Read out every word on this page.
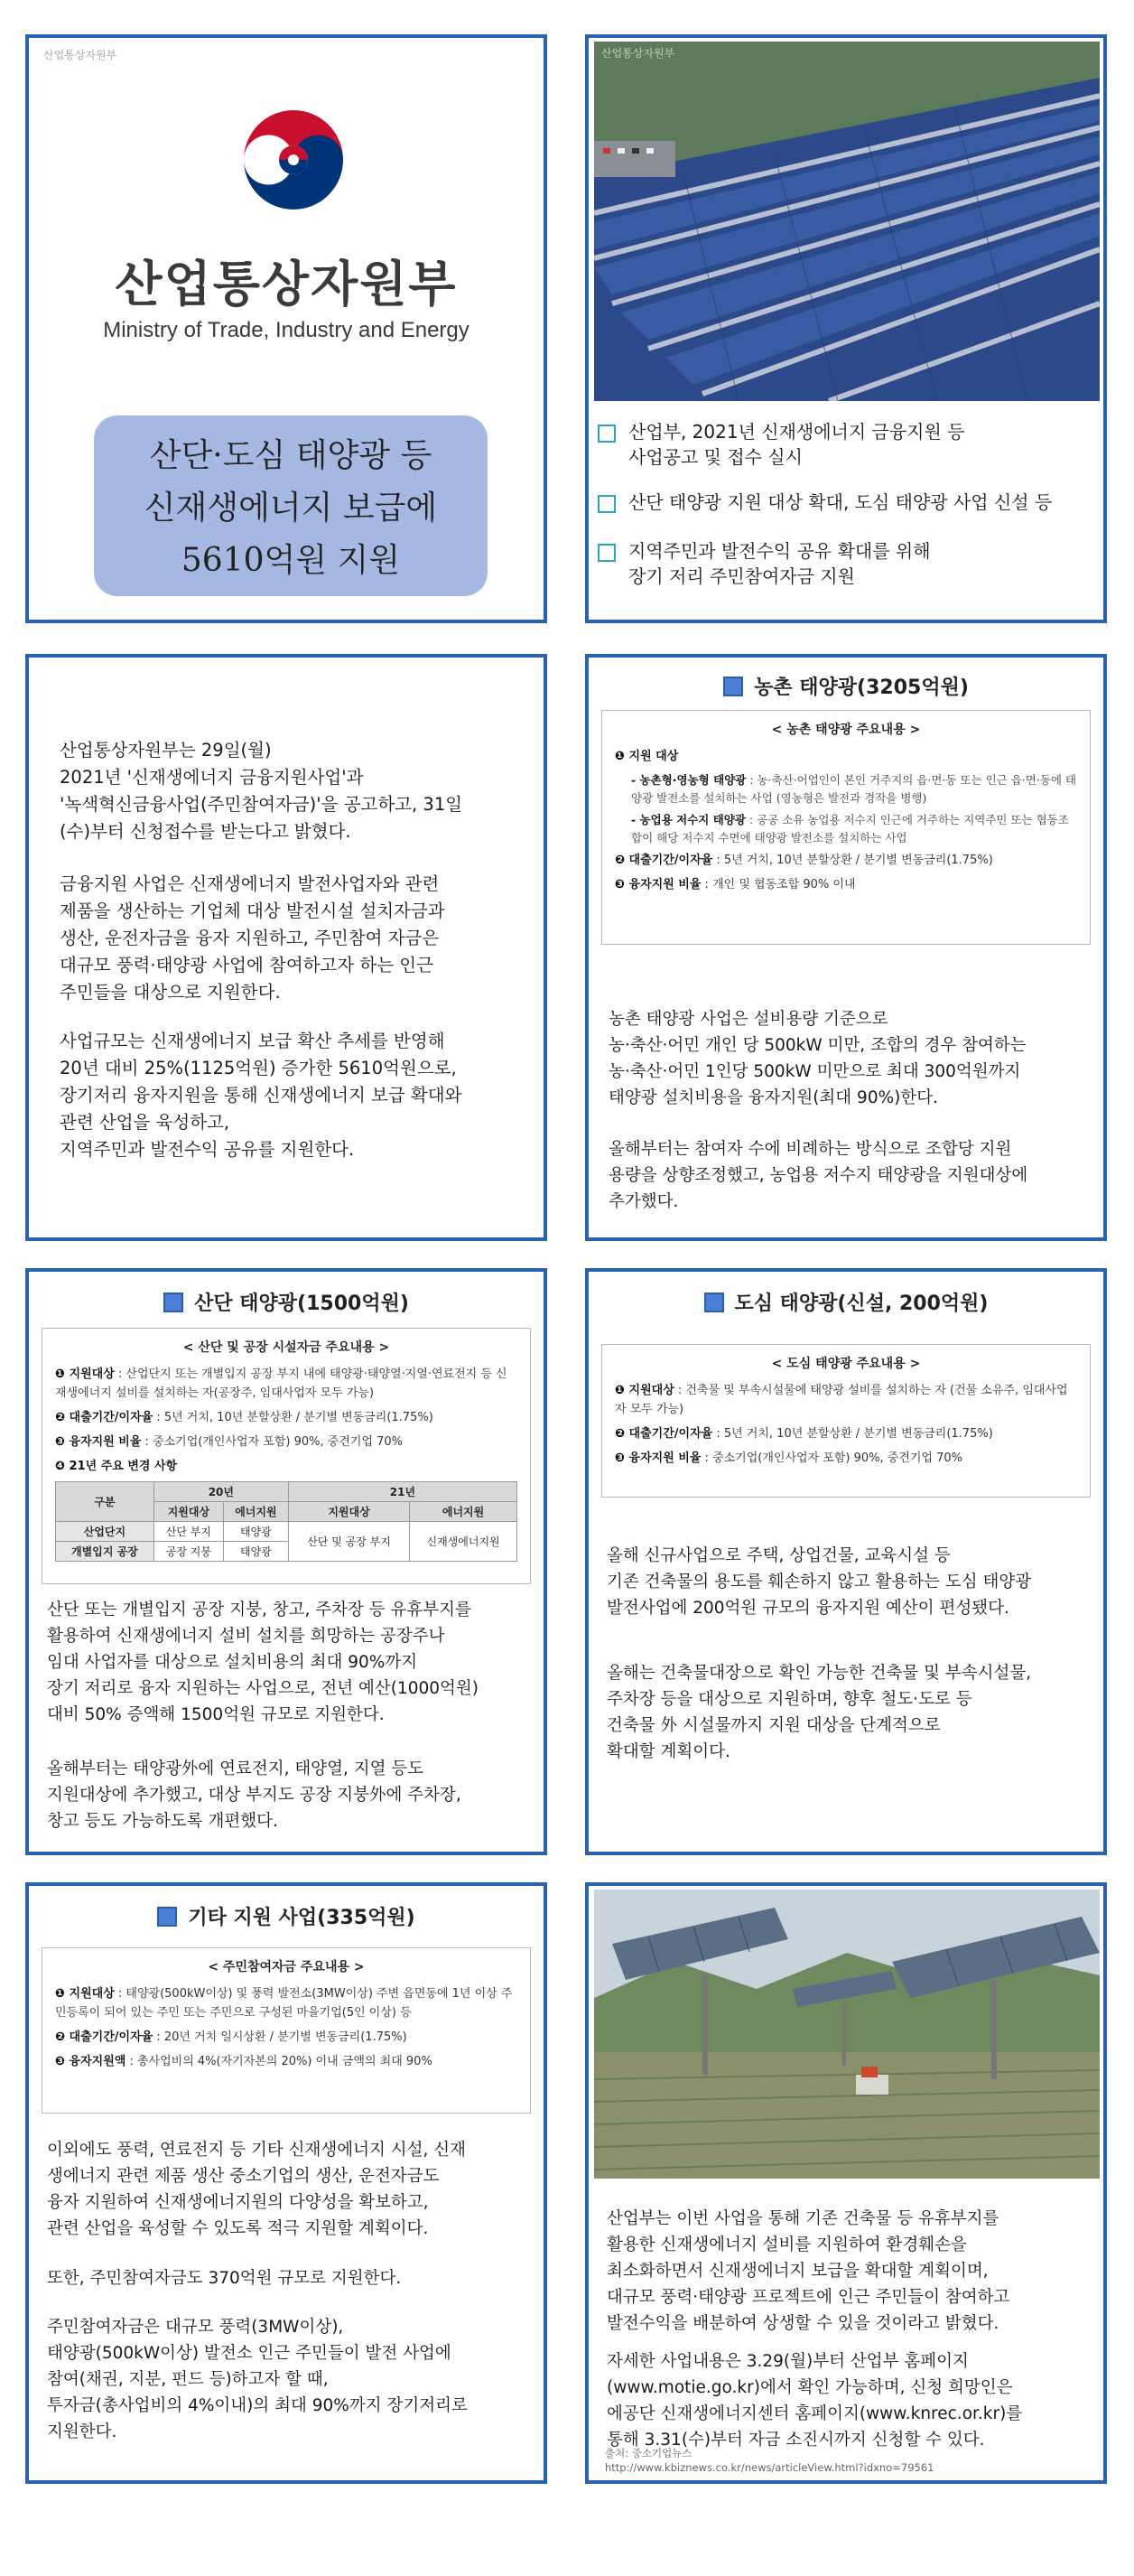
산업통상자원부
산업통상자원부
Ministry of Trade, Industry and Energy
산단·도심 태양광 등
신재생에너지 보급에
5610억원 지원
산업통상자원부
산업부, 2021년 신재생에너지 금융지원 등
사업공고 및 접수 실시
산단 태양광 지원 대상 확대, 도심 태양광 사업 신설 등
지역주민과 발전수익 공유 확대를 위해
장기 저리 주민참여자금 지원
산업통상자원부는 29일(월)
2021년 '신재생에너지 금융지원사업'과
'녹색혁신금융사업(주민참여자금)'을 공고하고, 31일
(수)부터 신청접수를 받는다고 밝혔다.
금융지원 사업은 신재생에너지 발전사업자와 관련
제품을 생산하는 기업체 대상 발전시설 설치자금과
생산, 운전자금을 융자 지원하고, 주민참여 자금은
대규모 풍력·태양광 사업에 참여하고자 하는 인근
주민들을 대상으로 지원한다.
사업규모는 신재생에너지 보급 확산 추세를 반영해
20년 대비 25%(1125억원) 증가한 5610억원으로,
장기저리 융자지원을 통해 신재생에너지 보급 확대와
관련 산업을 육성하고,
지역주민과 발전수익 공유를 지원한다.
농촌 태양광(3205억원)
< 농촌 태양광 주요내용 >
❶ 지원 대상
- 농촌형·영농형 태양광 : 농·축산·어업인이 본인 거주지의 읍·면·동 또는 인근 읍·면·동에 태양광 발전소를 설치하는 사업 (영농형은 발전과 경작을 병행)
- 농업용 저수지 태양광 : 공공 소유 농업용 저수지 인근에 거주하는 지역주민 또는 협동조합이 해당 저수지 수면에 태양광 발전소를 설치하는 사업
❷ 대출기간/이자율 : 5년 거치, 10년 분할상환 / 분기별 변동금리(1.75%)
❸ 융자지원 비율 : 개인 및 협동조합 90% 이내
농촌 태양광 사업은 설비용량 기준으로
농·축산·어민 개인 당 500kW 미만, 조합의 경우 참여하는
농·축산·어민 1인당 500kW 미만으로 최대 300억원까지
태양광 설치비용을 융자지원(최대 90%)한다.
올해부터는 참여자 수에 비례하는 방식으로 조합당 지원
용량을 상향조정했고, 농업용 저수지 태양광을 지원대상에
추가했다.
산단 태양광(1500억원)
< 산단 및 공장 시설자금 주요내용 >
❶ 지원대상 : 산업단지 또는 개별입지 공장 부지 내에 태양광·태양열·지열·연료전지 등 신재생에너지 설비를 설치하는 자(공장주, 임대사업자 모두 가능)
❷ 대출기간/이자율 : 5년 거치, 10년 분할상환 / 분기별 변동금리(1.75%)
❸ 융자지원 비율 : 중소기업(개인사업자 포함) 90%, 중견기업 70%
❹ 21년 주요 변경 사항
구분	20년		21년	
	지원대상	에너지원	지원대상	에너지원
산업단지	산단 부지	태양광	산단 및 공장 부지	신재생에너지원
개별입지 공장	공장 지붕	태양광		
산단 또는 개별입지 공장 지붕, 창고, 주차장 등 유휴부지를
활용하여 신재생에너지 설비 설치를 희망하는 공장주나
임대 사업자를 대상으로 설치비용의 최대 90%까지
장기 저리로 융자 지원하는 사업으로, 전년 예산(1000억원)
대비 50% 증액해 1500억원 규모로 지원한다.
올해부터는 태양광外에 연료전지, 태양열, 지열 등도
지원대상에 추가했고, 대상 부지도 공장 지붕外에 주차장,
창고 등도 가능하도록 개편했다.
도심 태양광(신설, 200억원)
< 도심 태양광 주요내용 >
❶ 지원대상 : 건축물 및 부속시설물에 태양광 설비를 설치하는 자 (건물 소유주, 임대사업자 모두 가능)
❷ 대출기간/이자율 : 5년 거치, 10년 분할상환 / 분기별 변동금리(1.75%)
❸ 융자지원 비율 : 중소기업(개인사업자 포함) 90%, 중견기업 70%
올해 신규사업으로 주택, 상업건물, 교육시설 등
기존 건축물의 용도를 훼손하지 않고 활용하는 도심 태양광
발전사업에 200억원 규모의 융자지원 예산이 편성됐다.
올해는 건축물대장으로 확인 가능한 건축물 및 부속시설물,
주차장 등을 대상으로 지원하며, 향후 철도·도로 등
건축물 外 시설물까지 지원 대상을 단계적으로
확대할 계획이다.
기타 지원 사업(335억원)
< 주민참여자금 주요내용 >
❶ 지원대상 : 태양광(500kW이상) 및 풍력 발전소(3MW이상) 주변 읍면동에 1년 이상 주민등록이 되어 있는 주민 또는 주민으로 구성된 마을기업(5인 이상) 등
❷ 대출기간/이자율 : 20년 거치 일시상환 / 분기별 변동금리(1.75%)
❸ 융자지원액 : 총사업비의 4%(자기자본의 20%) 이내 금액의 최대 90%
이외에도 풍력, 연료전지 등 기타 신재생에너지 시설, 신재
생에너지 관련 제품 생산 중소기업의 생산, 운전자금도
융자 지원하여 신재생에너지원의 다양성을 확보하고,
관련 산업을 육성할 수 있도록 적극 지원할 계획이다.
또한, 주민참여자금도 370억원 규모로 지원한다.
주민참여자금은 대규모 풍력(3MW이상),
태양광(500kW이상) 발전소 인근 주민들이 발전 사업에
참여(채권, 지분, 펀드 등)하고자 할 때,
투자금(총사업비의 4%이내)의 최대 90%까지 장기저리로
지원한다.
산업부는 이번 사업을 통해 기존 건축물 등 유휴부지를
활용한 신재생에너지 설비를 지원하여 환경훼손을
최소화하면서 신재생에너지 보급을 확대할 계획이며,
대규모 풍력·태양광 프로젝트에 인근 주민들이 참여하고
발전수익을 배분하여 상생할 수 있을 것이라고 밝혔다.
자세한 사업내용은 3.29(월)부터 산업부 홈페이지
(www.motie.go.kr)에서 확인 가능하며, 신청 희망인은
에공단 신재생에너지센터 홈페이지(www.knrec.or.kr)를
통해 3.31(수)부터 자금 소진시까지 신청할 수 있다.
출처: 중소기업뉴스
http://www.kbiznews.co.kr/news/articleView.html?idxno=79561
